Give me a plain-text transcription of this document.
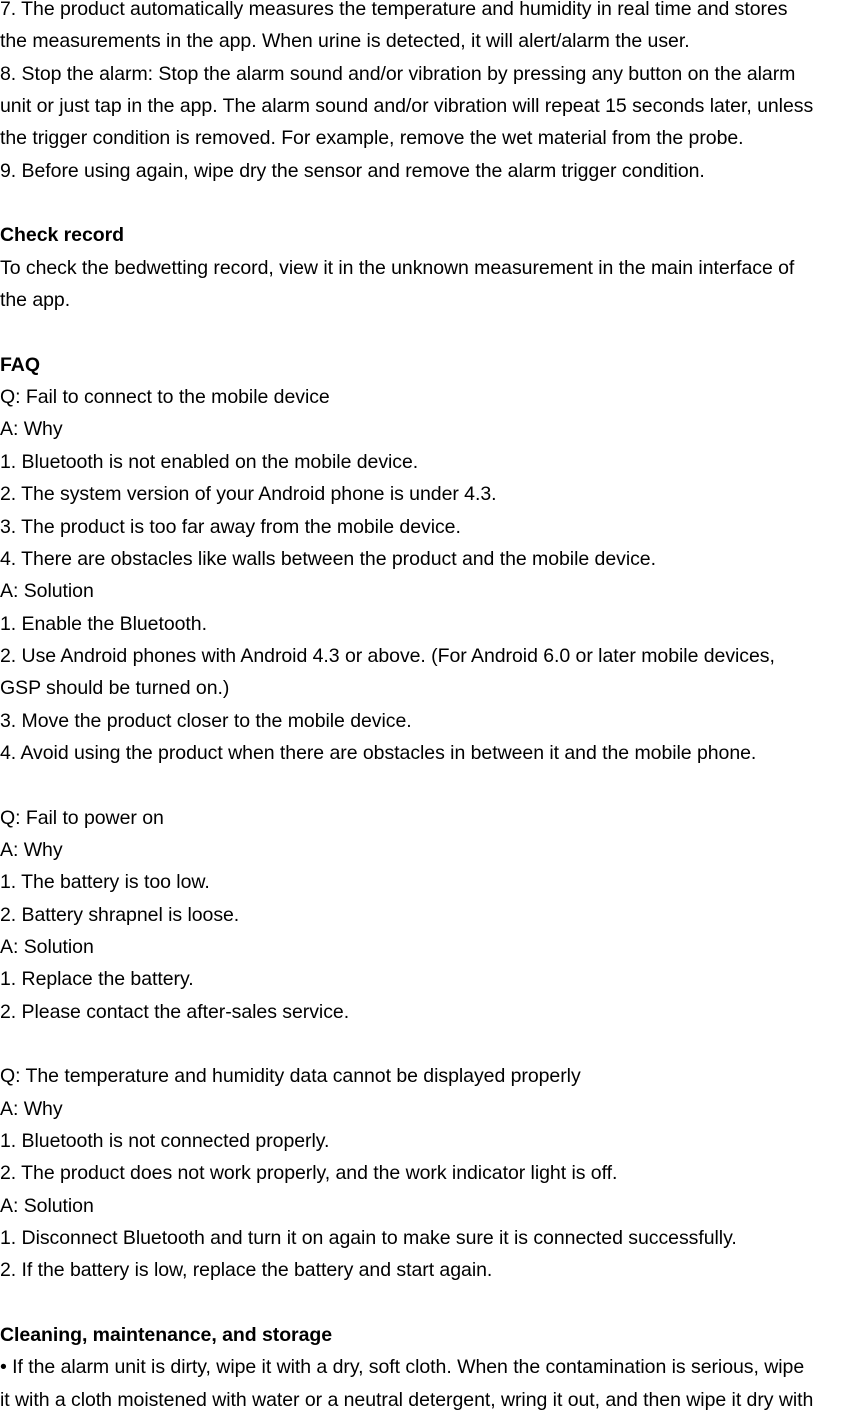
7. The product automatically measures the temperature and humidity in real time and stores
the measurements in the app. When urine is detected, it will alert/alarm the user.
8. Stop the alarm: Stop the alarm sound and/or vibration by pressing any button on the alarm
unit or just tap in the app. The alarm sound and/or vibration will repeat 15 seconds later, unless
the trigger condition is removed. For example, remove the wet material from the probe.
9. Before using again, wipe dry the sensor and remove the alarm trigger condition.
Check record
To check the bedwetting record, view it in the unknown measurement in the main interface of
the app.
FAQ
Q: Fail to connect to the mobile device
A: Why
1. Bluetooth is not enabled on the mobile device.
2. The system version of your Android phone is under 4.3.
3. The product is too far away from the mobile device.
4. There are obstacles like walls between the product and the mobile device.
A: Solution
1. Enable the Bluetooth.
2. Use Android phones with Android 4.3 or above. (For Android 6.0 or later mobile devices,
GSP should be turned on.)
3. Move the product closer to the mobile device.
4. Avoid using the product when there are obstacles in between it and the mobile phone.
Q: Fail to power on
A: Why
1. The battery is too low.
2. Battery shrapnel is loose.
A: Solution
1. Replace the battery.
2. Please contact the after-sales service.
Q: The temperature and humidity data cannot be displayed properly
A: Why
1. Bluetooth is not connected properly.
2. The product does not work properly, and the work indicator light is off.
A: Solution
1. Disconnect Bluetooth and turn it on again to make sure it is connected successfully.
2. If the battery is low, replace the battery and start again.
Cleaning, maintenance, and storage
• If the alarm unit is dirty, wipe it with a dry, soft cloth. When the contamination is serious, wipe
it with a cloth moistened with water or a neutral detergent, wring it out, and then wipe it dry with
